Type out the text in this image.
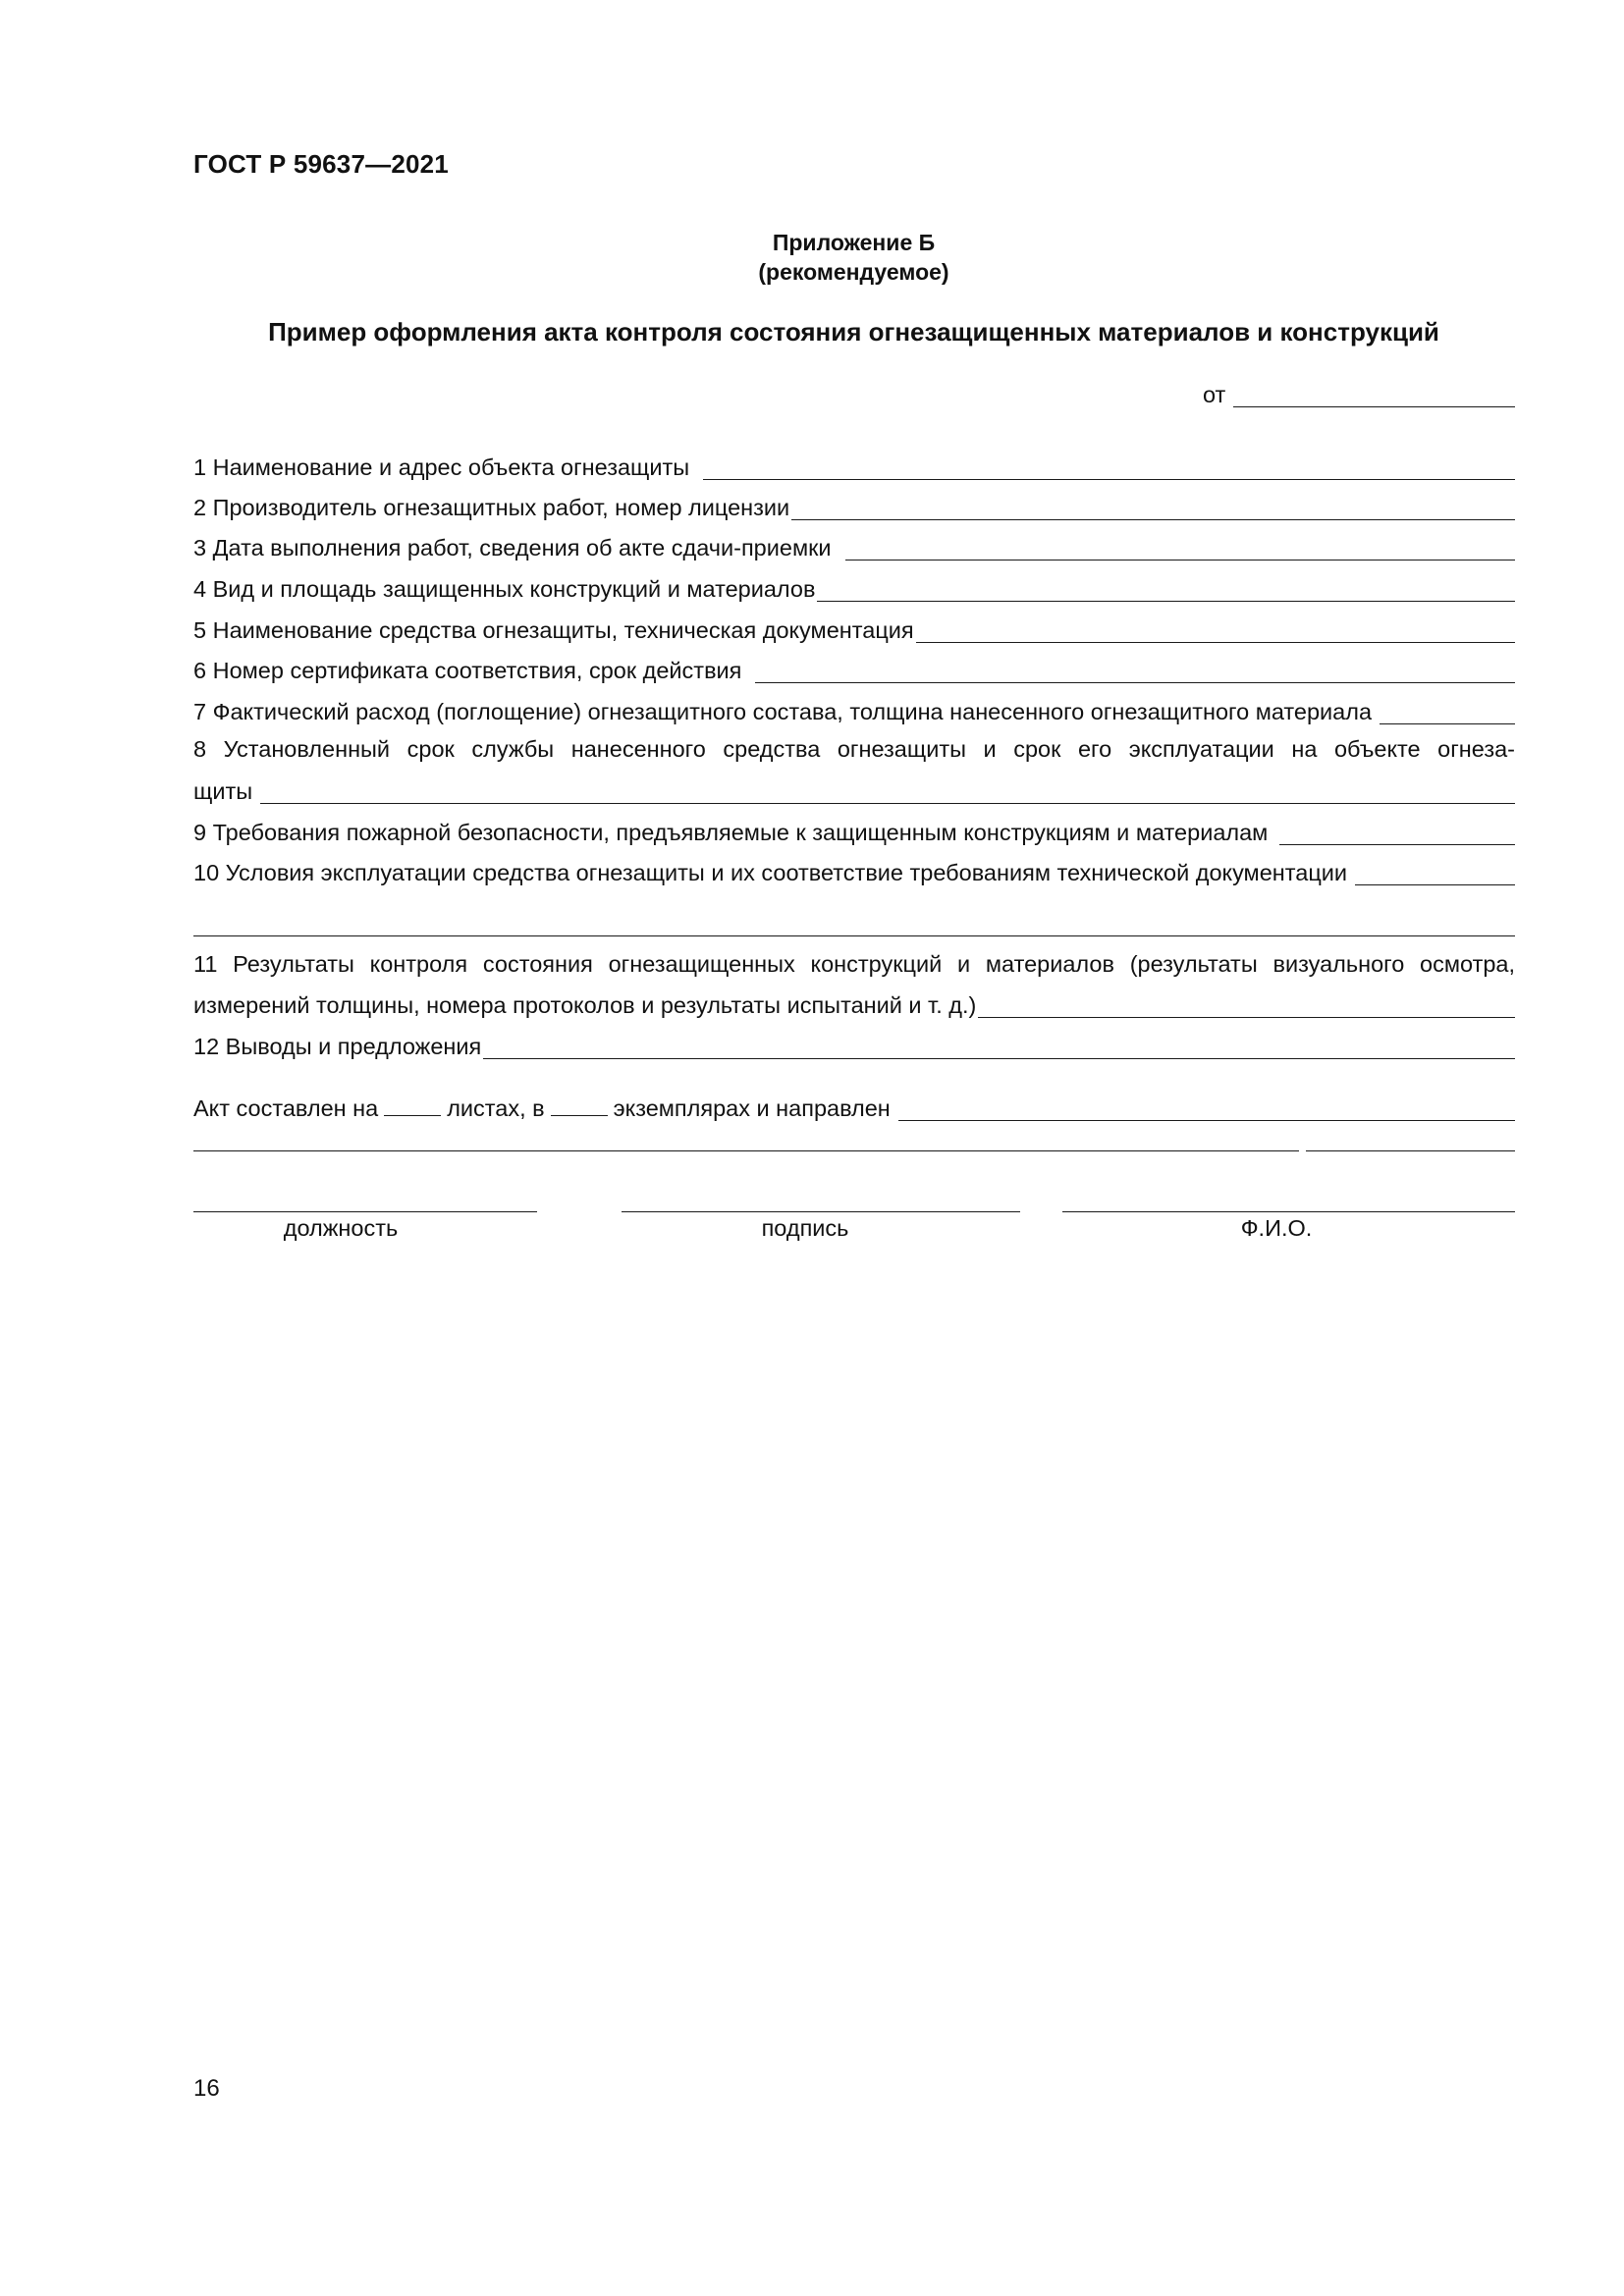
ГОСТ Р 59637—2021
Приложение Б
(рекомендуемое)
Пример оформления акта контроля состояния огнезащищенных материалов и конструкций
от
1 Наименование и адрес объекта огнезащиты
2 Производитель огнезащитных работ, номер лицензии
3 Дата выполнения работ, сведения об акте сдачи-приемки
4 Вид и площадь защищенных конструкций и материалов
5 Наименование средства огнезащиты, техническая документация
6 Номер сертификата соответствия, срок действия
7 Фактический расход (поглощение) огнезащитного состава, толщина нанесенного огнезащитного материала
8 Установленный срок службы нанесенного средства огнезащиты и срок его эксплуатации на объекте огнеза-
щиты
9 Требования пожарной безопасности, предъявляемые к защищенным конструкциям и материалам
10 Условия эксплуатации средства огнезащиты и их соответствие требованиям технической документации
11 Результаты контроля состояния огнезащищенных конструкций и материалов (результаты визуального осмотра,
измерений толщины, номера протоколов и результаты испытаний и т. д.)
12 Выводы и предложения
Акт составлен на	листах, в	экземплярах и направлен
должность	подпись	Ф.И.О.
16
